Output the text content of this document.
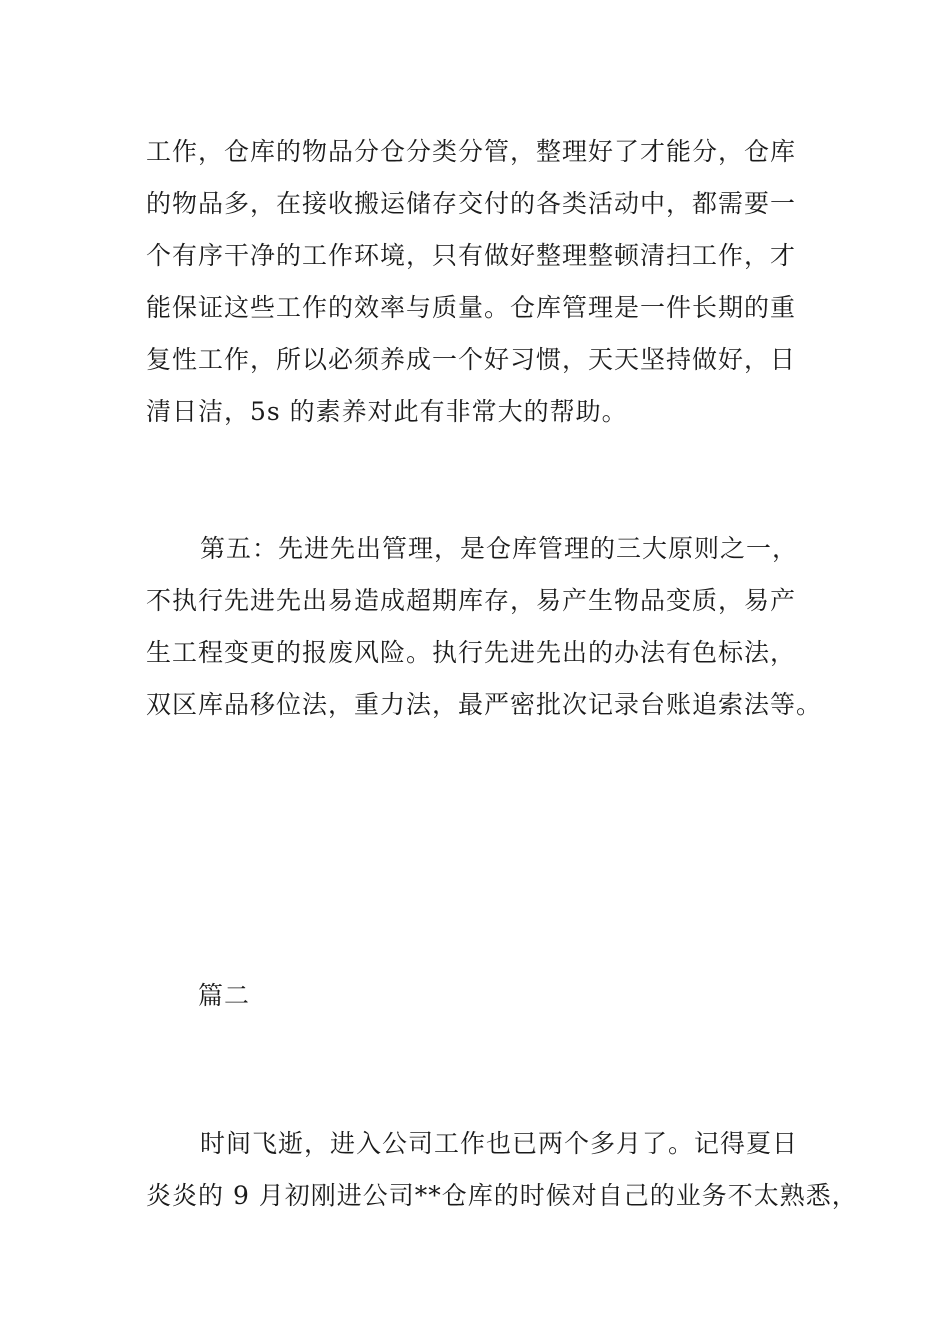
工作，仓库的物品分仓分类分管，整理好了才能分，仓库
的物品多，在接收搬运储存交付的各类活动中，都需要一
个有序干净的工作环境，只有做好整理整顿清扫工作，才
能保证这些工作的效率与质量。仓库管理是一件长期的重
复性工作，所以必须养成一个好习惯，天天坚持做好，日
清日洁，5s 的素养对此有非常大的帮助。
第五：先进先出管理，是仓库管理的三大原则之一，
不执行先进先出易造成超期库存，易产生物品变质，易产
生工程变更的报废风险。执行先进先出的办法有色标法，
双区库品移位法，重力法，最严密批次记录台账追索法等。
篇二
时间飞逝，进入公司工作也已两个多月了。记得夏日
炎炎的 9 月初刚进公司**仓库的时候对自己的业务不太熟悉，
